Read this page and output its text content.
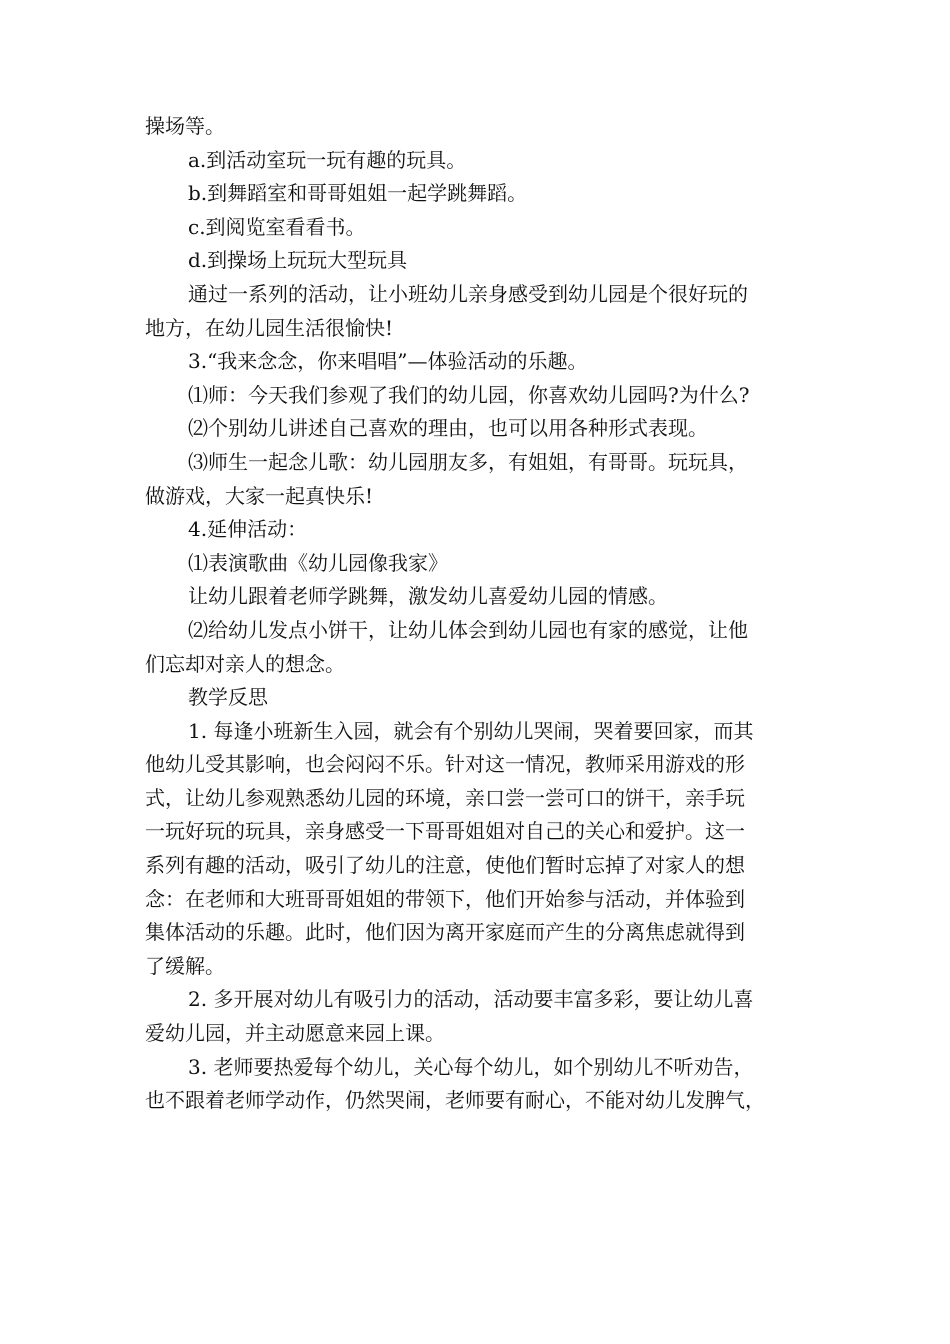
操场等。

a.到活动室玩一玩有趣的玩具。

b.到舞蹈室和哥哥姐姐一起学跳舞蹈。

c.到阅览室看看书。

d.到操场上玩玩大型玩具

通过一系列的活动，让小班幼儿亲身感受到幼儿园是个很好玩的

地方，在幼儿园生活很愉快!

3.“我来念念，你来唱唱”—体验活动的乐趣。

⑴师：今天我们参观了我们的幼儿园，你喜欢幼儿园吗?为什么?

⑵个别幼儿讲述自己喜欢的理由，也可以用各种形式表现。

⑶师生一起念儿歌：幼儿园朋友多，有姐姐，有哥哥。玩玩具，

做游戏，大家一起真快乐!

4.延伸活动：

⑴表演歌曲《幼儿园像我家》

让幼儿跟着老师学跳舞，激发幼儿喜爱幼儿园的情感。

⑵给幼儿发点小饼干，让幼儿体会到幼儿园也有家的感觉，让他

们忘却对亲人的想念。

教学反思

1. 每逢小班新生入园，就会有个别幼儿哭闹，哭着要回家，而其

他幼儿受其影响，也会闷闷不乐。针对这一情况，教师采用游戏的形

式，让幼儿参观熟悉幼儿园的环境，亲口尝一尝可口的饼干，亲手玩

一玩好玩的玩具，亲身感受一下哥哥姐姐对自己的关心和爱护。这一

系列有趣的活动，吸引了幼儿的注意，使他们暂时忘掉了对家人的想

念：在老师和大班哥哥姐姐的带领下，他们开始参与活动，并体验到

集体活动的乐趣。此时，他们因为离开家庭而产生的分离焦虑就得到

了缓解。

2. 多开展对幼儿有吸引力的活动，活动要丰富多彩，要让幼儿喜

爱幼儿园，并主动愿意来园上课。

3. 老师要热爱每个幼儿，关心每个幼儿，如个别幼儿不听劝告，

也不跟着老师学动作，仍然哭闹，老师要有耐心，不能对幼儿发脾气，
